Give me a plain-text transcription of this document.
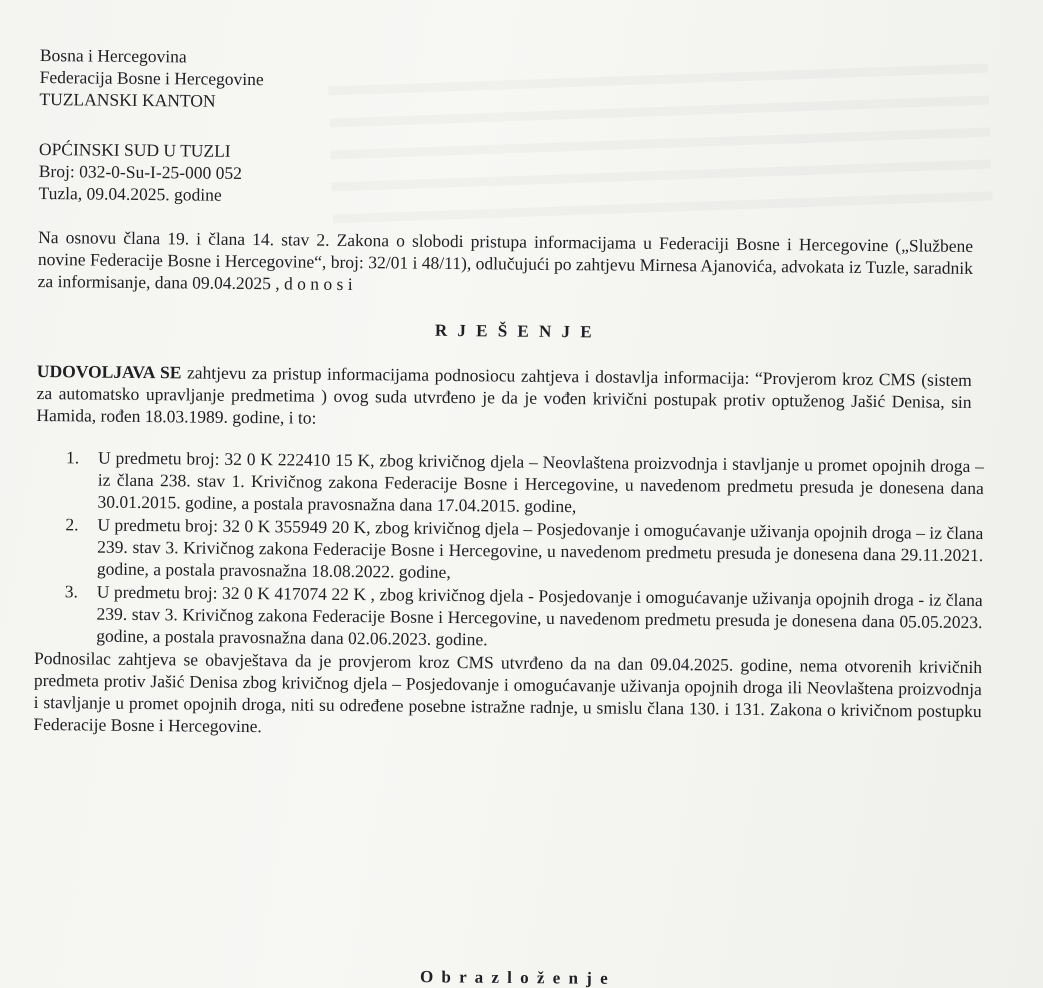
Bosna i Hercegovina
Federacija Bosne i Hercegovine
TUZLANSKI KANTON
OPĆINSKI SUD U TUZLI
Broj: 032-0-Su-I-25-000 052
Tuzla, 09.04.2025. godine

Na osnovu člana 19. i člana 14. stav 2. Zakona o slobodi pristupa informacijama u Federaciji Bosne i Hercegovine („Službene novine Federacije Bosne i Hercegovine“, broj: 32/01 i 48/11), odlučujući po zahtjevu Mirnesa Ajanovića, advokata iz Tuzle, saradnik za informisanje, dana 09.04.2025 , d o n o s i

R J E Š E N J E

UDOVOLJAVA SE zahtjevu za pristup informacijama podnosiocu zahtjeva i dostavlja informacija: “Provjerom kroz CMS (sistem za automatsko upravljanje predmetima ) ovog suda utvrđeno je da je vođen krivični postupak protiv optuženog Jašić Denisa, sin Hamida, rođen 18.03.1989. godine, i to:

1. U predmetu broj: 32 0 K 222410 15 K, zbog krivičnog djela – Neovlaštena proizvodnja i stavljanje u promet opojnih droga – iz člana 238. stav 1. Krivičnog zakona Federacije Bosne i Hercegovine, u navedenom predmetu presuda je donesena dana 30.01.2015. godine, a postala pravosnažna dana 17.04.2015. godine,
2. U predmetu broj: 32 0 K 355949 20 K, zbog krivičnog djela – Posjedovanje i omogućavanje uživanja opojnih droga – iz člana 239. stav 3. Krivičnog zakona Federacije Bosne i Hercegovine, u navedenom predmetu presuda je donesena dana 29.11.2021. godine, a postala pravosnažna 18.08.2022. godine,
3. U predmetu broj: 32 0 K 417074 22 K , zbog krivičnog djela - Posjedovanje i omogućavanje uživanja opojnih droga - iz člana 239. stav 3. Krivičnog zakona Federacije Bosne i Hercegovine, u navedenom predmetu presuda je donesena dana 05.05.2023. godine, a postala pravosnažna dana 02.06.2023. godine.

Podnosilac zahtjeva se obavještava da je provjerom kroz CMS utvrđeno da na dan 09.04.2025. godine, nema otvorenih krivičnih predmeta protiv Jašić Denisa zbog krivičnog djela – Posjedovanje i omogućavanje uživanja opojnih droga ili Neovlaštena proizvodnja i stavljanje u promet opojnih droga, niti su određene posebne istražne radnje, u smislu člana 130. i 131. Zakona o krivičnom postupku Federacije Bosne i Hercegovine.

O b r a z l o ž e n j e
